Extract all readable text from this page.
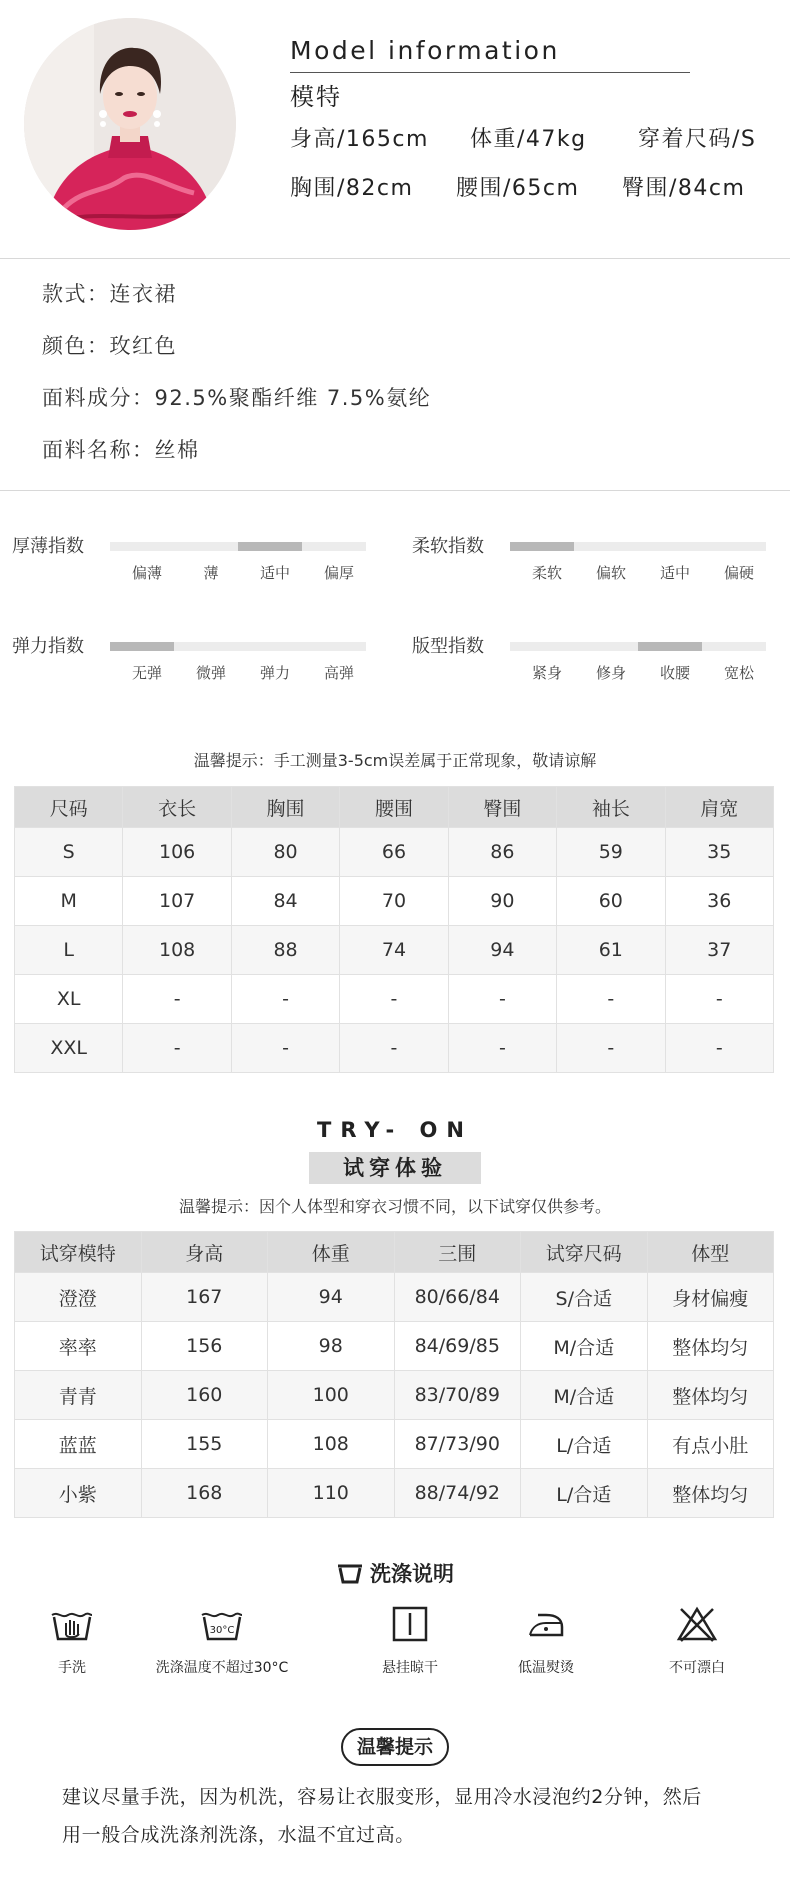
Model information
模特
身高/165cm 体重/47kg 穿着尺码/S
胸围/82cm 腰围/65cm 臀围/84cm
款式：连衣裙
颜色：玫红色
面料成分：92.5%聚酯纤维 7.5%氨纶
面料名称：丝棉
厚薄指数
偏薄	薄	适中 偏厚
柔软指数
柔软 偏软 适中 偏硬
弹力指数
无弹 微弹 弹力 高弹
版型指数
紧身 修身 收腰 宽松
温馨提示：手工测量3-5cm误差属于正常现象，敬请谅解
尺码	衣长	胸围	腰围	臀围	袖长	肩宽
S	106	80	66	86	59	35
M	107	84	70	90	60	36
L	108	88	74	94	61	37
XL	-	-	-	-	-	-
XXL	-	-	-	-	-	-
TRY- ON
试穿体验
温馨提示：因个人体型和穿衣习惯不同，以下试穿仅供参考。
试穿模特	身高	体重	三围	试穿尺码	体型
澄澄	167	94	80/66/84	S/合适	身材偏瘦
率率	156	98	84/69/85	M/合适	整体均匀
青青	160	100	83/70/89	M/合适	整体均匀
蓝蓝	155	108	87/73/90	L/合适	有点小肚
小紫	168	110	88/74/92	L/合适	整体均匀
洗涤说明
手洗
30°C
洗涤温度不超过30°C	悬挂晾干	低温熨烫	不可漂白
温馨提示
建议尽量手洗，因为机洗，容易让衣服变形，显用冷水浸泡约2分钟，然后
用一般合成洗涤剂洗涤，水温不宜过高。
